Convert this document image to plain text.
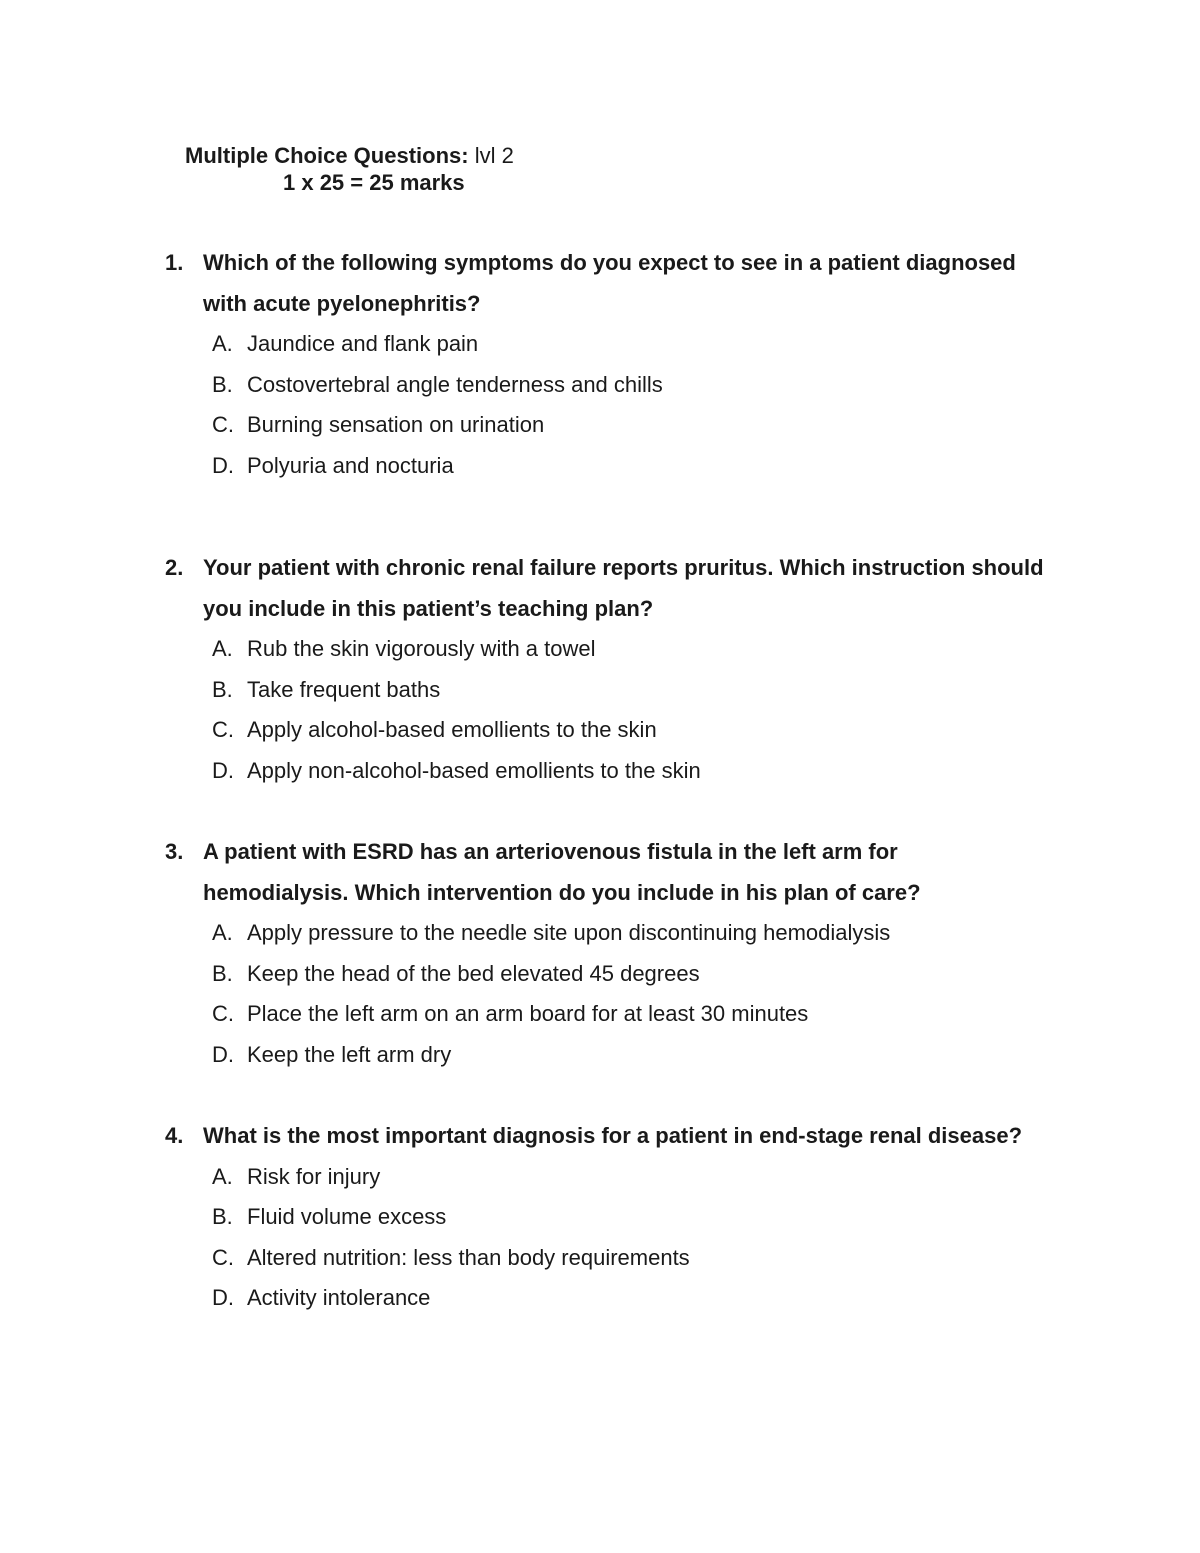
Multiple Choice Questions: lvl 2
1 x 25 = 25 marks
1. Which of the following symptoms do you expect to see in a patient diagnosed with acute pyelonephritis?
A. Jaundice and flank pain
B. Costovertebral angle tenderness and chills
C. Burning sensation on urination
D. Polyuria and nocturia
2. Your patient with chronic renal failure reports pruritus. Which instruction should you include in this patient’s teaching plan?
A. Rub the skin vigorously with a towel
B. Take frequent baths
C. Apply alcohol-based emollients to the skin
D. Apply non-alcohol-based emollients to the skin
3. A patient with ESRD has an arteriovenous fistula in the left arm for hemodialysis. Which intervention do you include in his plan of care?
A. Apply pressure to the needle site upon discontinuing hemodialysis
B. Keep the head of the bed elevated 45 degrees
C. Place the left arm on an arm board for at least 30 minutes
D. Keep the left arm dry
4. What is the most important diagnosis for a patient in end-stage renal disease?
A. Risk for injury
B. Fluid volume excess
C. Altered nutrition: less than body requirements
D. Activity intolerance
